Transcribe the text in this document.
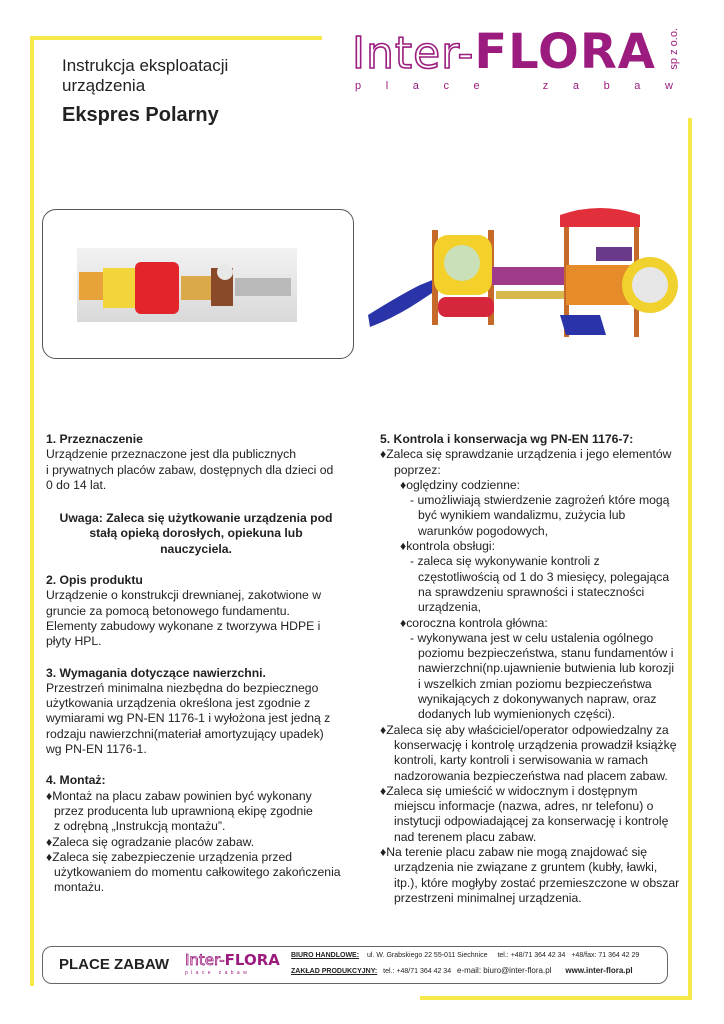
Instrukcja eksploatacji
urządzenia
Ekspres Polarny
Inter-FLORA sp z o.o.
p l a c e	z a b a w

1. Przeznaczenie

Urządzenie przeznaczone jest dla publicznych

i prywatnych placów zabaw, dostępnych dla dzieci od

0 do 14 lat.

Uwaga: Zaleca się użytkowanie urządzenia pod

stałą opieką dorosłych, opiekuna lub

nauczyciela.

2. Opis produktu

Urządzenie o konstrukcji drewnianej, zakotwione w

gruncie za pomocą betonowego fundamentu.

Elementy zabudowy wykonane z tworzywa HDPE i

płyty HPL.

3. Wymagania dotyczące nawierzchni.

Przestrzeń minimalna niezbędna do bezpiecznego

użytkowania urządzenia określona jest zgodnie z

wymiarami wg PN-EN 1176-1 i wyłożona jest jedną z

rodzaju nawierzchni(materiał amortyzujący upadek)

wg PN-EN 1176-1.

4. Montaż:

♦Montaż na placu zabaw powinien być wykonany

przez producenta lub uprawnioną ekipę zgodnie

z odrębną „Instrukcją montażu”.

♦Zaleca się ogradzanie placów zabaw.

♦Zaleca się zabezpieczenie urządzenia przed

użytkowaniem do momentu całkowitego zakończenia

montażu.

5. Kontrola i konserwacja wg PN-EN 1176-7:

♦Zaleca się sprawdzanie urządzenia i jego elementów

poprzez:

♦oględziny codzienne:

- umożliwiają stwierdzenie zagrożeń które mogą

być wynikiem wandalizmu, zużycia lub

warunków pogodowych,

♦kontrola obsługi:

- zaleca się wykonywanie kontroli z

częstotliwością od 1 do 3 miesięcy, polegająca

na sprawdzeniu sprawności i stateczności

urządzenia,

♦coroczna kontrola główna:

- wykonywana jest w celu ustalenia ogólnego

poziomu bezpieczeństwa, stanu fundamentów i

nawierzchni(np.ujawnienie butwienia lub korozji

i wszelkich zmian poziomu bezpieczeństwa

wynikających z dokonywanych napraw, oraz

dodanych lub wymienionych części).

♦Zaleca się aby właściciel/operator odpowiedzalny za

konserwację i kontrolę urządzenia prowadził książkę

kontroli, karty kontroli i serwisowania w ramach

nadzorowania bezpieczeństwa nad placem zabaw.

♦Zaleca się umieścić w widocznym i dostępnym

miejscu informacje (nazwa, adres, nr telefonu) o

instytucji odpowiadającej za konserwację i kontrolę

nad terenem placu zabaw.

♦Na terenie placu zabaw nie mogą znajdować się

urządzenia nie związane z gruntem (kubły, ławki,

itp.), które mogłyby zostać przemieszczone w obszar

przestrzeni minimalnej urządzenia.

PLACE ZABAW Inter-FLORA
p l a c e   z a b a w
BIURO HANDLOWE: ul. W. Grabskiego 22 55-011 Siechnice tel.: +48/71 364 42 34 +48/fax: 71 364 42 29
ZAKŁAD PRODUKCYJNY: tel.: +48/71 364 42 34 e-mail: biuro@inter-flora.pl www.inter-flora.pl
